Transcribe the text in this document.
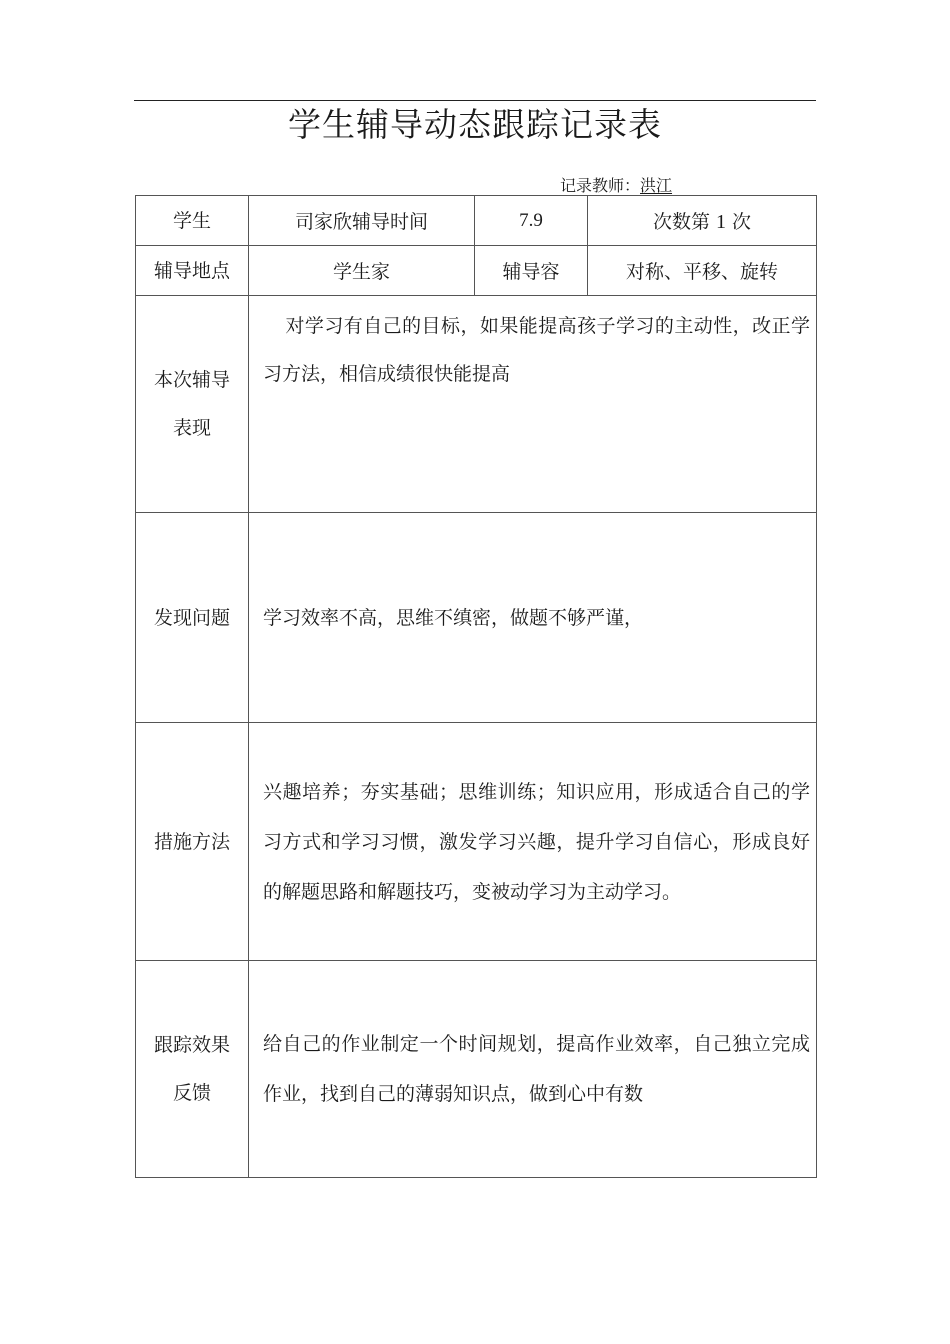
学生辅导动态跟踪记录表
记录教师：洪江
学生	司家欣辅导时间	7.9	次数第 1 次
辅导地点	学生家	辅导容	对称、平移、旋转

本次辅导
表现	对学习有自己的目标，如果能提高孩子学习的主动性，改正学习方法，相信成绩很快能提高		
发现问题	学习效率不高，思维不缜密，做题不够严谨，		
措施方法	兴趣培养；夯实基础；思维训练；知识应用，形成适合自己的学习方式和学习习惯，激发学习兴趣，提升学习自信心，形成良好的解题思路和解题技巧，变被动学习为主动学习。		

跟踪效果
反馈	给自己的作业制定一个时间规划，提高作业效率，自己独立完成作业，找到自己的薄弱知识点，做到心中有数		
